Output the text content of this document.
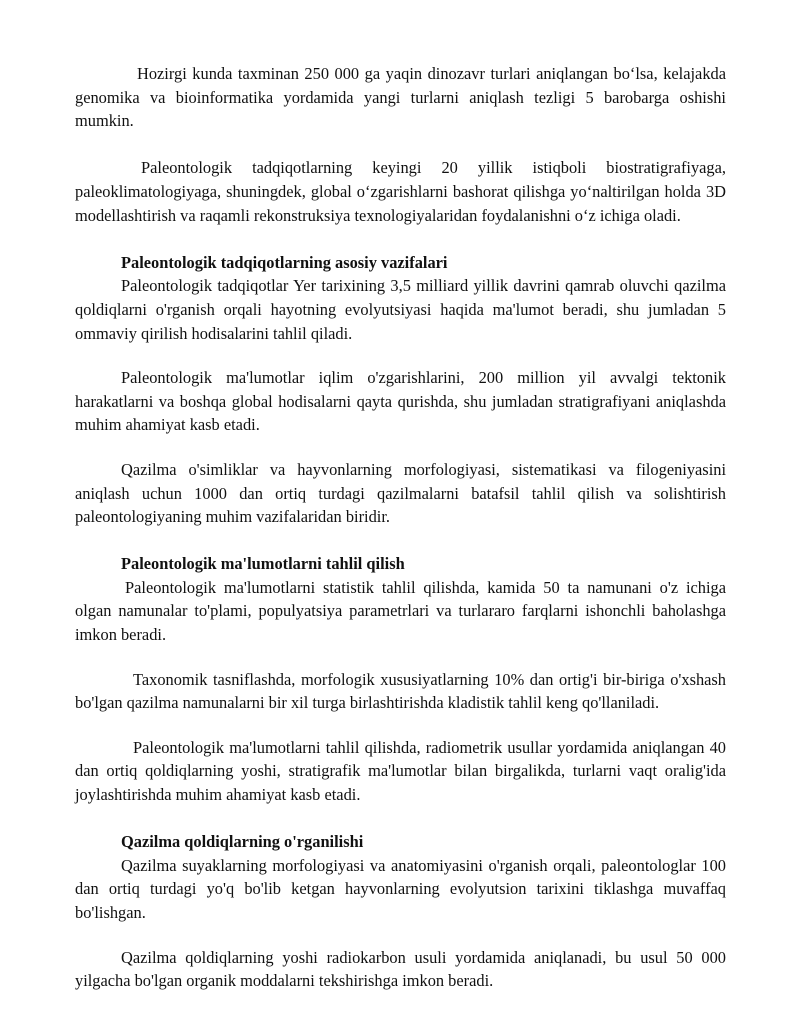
Hozirgi kunda taxminan 250 000 ga yaqin dinozavr turlari aniqlangan bo‘lsa, kelajakda genomika va bioinformatika yordamida yangi turlarni aniqlash tezligi 5 barobarga oshishi mumkin.

Paleontologik tadqiqotlarning keyingi 20 yillik istiqboli biostratigrafiyaga, paleoklimatologiyaga, shuningdek, global o‘zgarishlarni bashorat qilishga yo‘naltirilgan holda 3D modellashtirish va raqamli rekonstruksiya texnologiyalaridan foydalanishni o‘z ichiga oladi.

Paleontologik tadqiqotlarning asosiy vazifalari

Paleontologik tadqiqotlar Yer tarixining 3,5 milliard yillik davrini qamrab oluvchi qazilma qoldiqlarni o'rganish orqali hayotning evolyutsiyasi haqida ma'lumot beradi, shu jumladan 5 ommaviy qirilish hodisalarini tahlil qiladi.

Paleontologik ma'lumotlar iqlim o'zgarishlarini, 200 million yil avvalgi tektonik harakatlarni va boshqa global hodisalarni qayta qurishda, shu jumladan stratigrafiyani aniqlashda muhim ahamiyat kasb etadi.

Qazilma o'simliklar va hayvonlarning morfologiyasi, sistematikasi va filogeniyasini aniqlash uchun 1000 dan ortiq turdagi qazilmalarni batafsil tahlil qilish va solishtirish paleontologiyaning muhim vazifalaridan biridir.

Paleontologik ma'lumotlarni tahlil qilish

Paleontologik ma'lumotlarni statistik tahlil qilishda, kamida 50 ta namunani o'z ichiga olgan namunalar to'plami, populyatsiya parametrlari va turlararo farqlarni ishonchli baholashga imkon beradi.

Taxonomik tasniflashda, morfologik xususiyatlarning 10% dan ortig'i bir-biriga o'xshash bo'lgan qazilma namunalarni bir xil turga birlashtirishda kladistik tahlil keng qo'llaniladi.

Paleontologik ma'lumotlarni tahlil qilishda, radiometrik usullar yordamida aniqlangan 40 dan ortiq qoldiqlarning yoshi, stratigrafik ma'lumotlar bilan birgalikda, turlarni vaqt oralig'ida joylashtirishda muhim ahamiyat kasb etadi.

Qazilma qoldiqlarning o'rganilishi

Qazilma suyaklarning morfologiyasi va anatomiyasini o'rganish orqali, paleontologlar 100 dan ortiq turdagi yo'q bo'lib ketgan hayvonlarning evolyutsion tarixini tiklashga muvaffaq bo'lishgan.

Qazilma qoldiqlarning yoshi radiokarbon usuli yordamida aniqlanadi, bu usul 50 000 yilgacha bo'lgan organik moddalarni tekshirishga imkon beradi.
